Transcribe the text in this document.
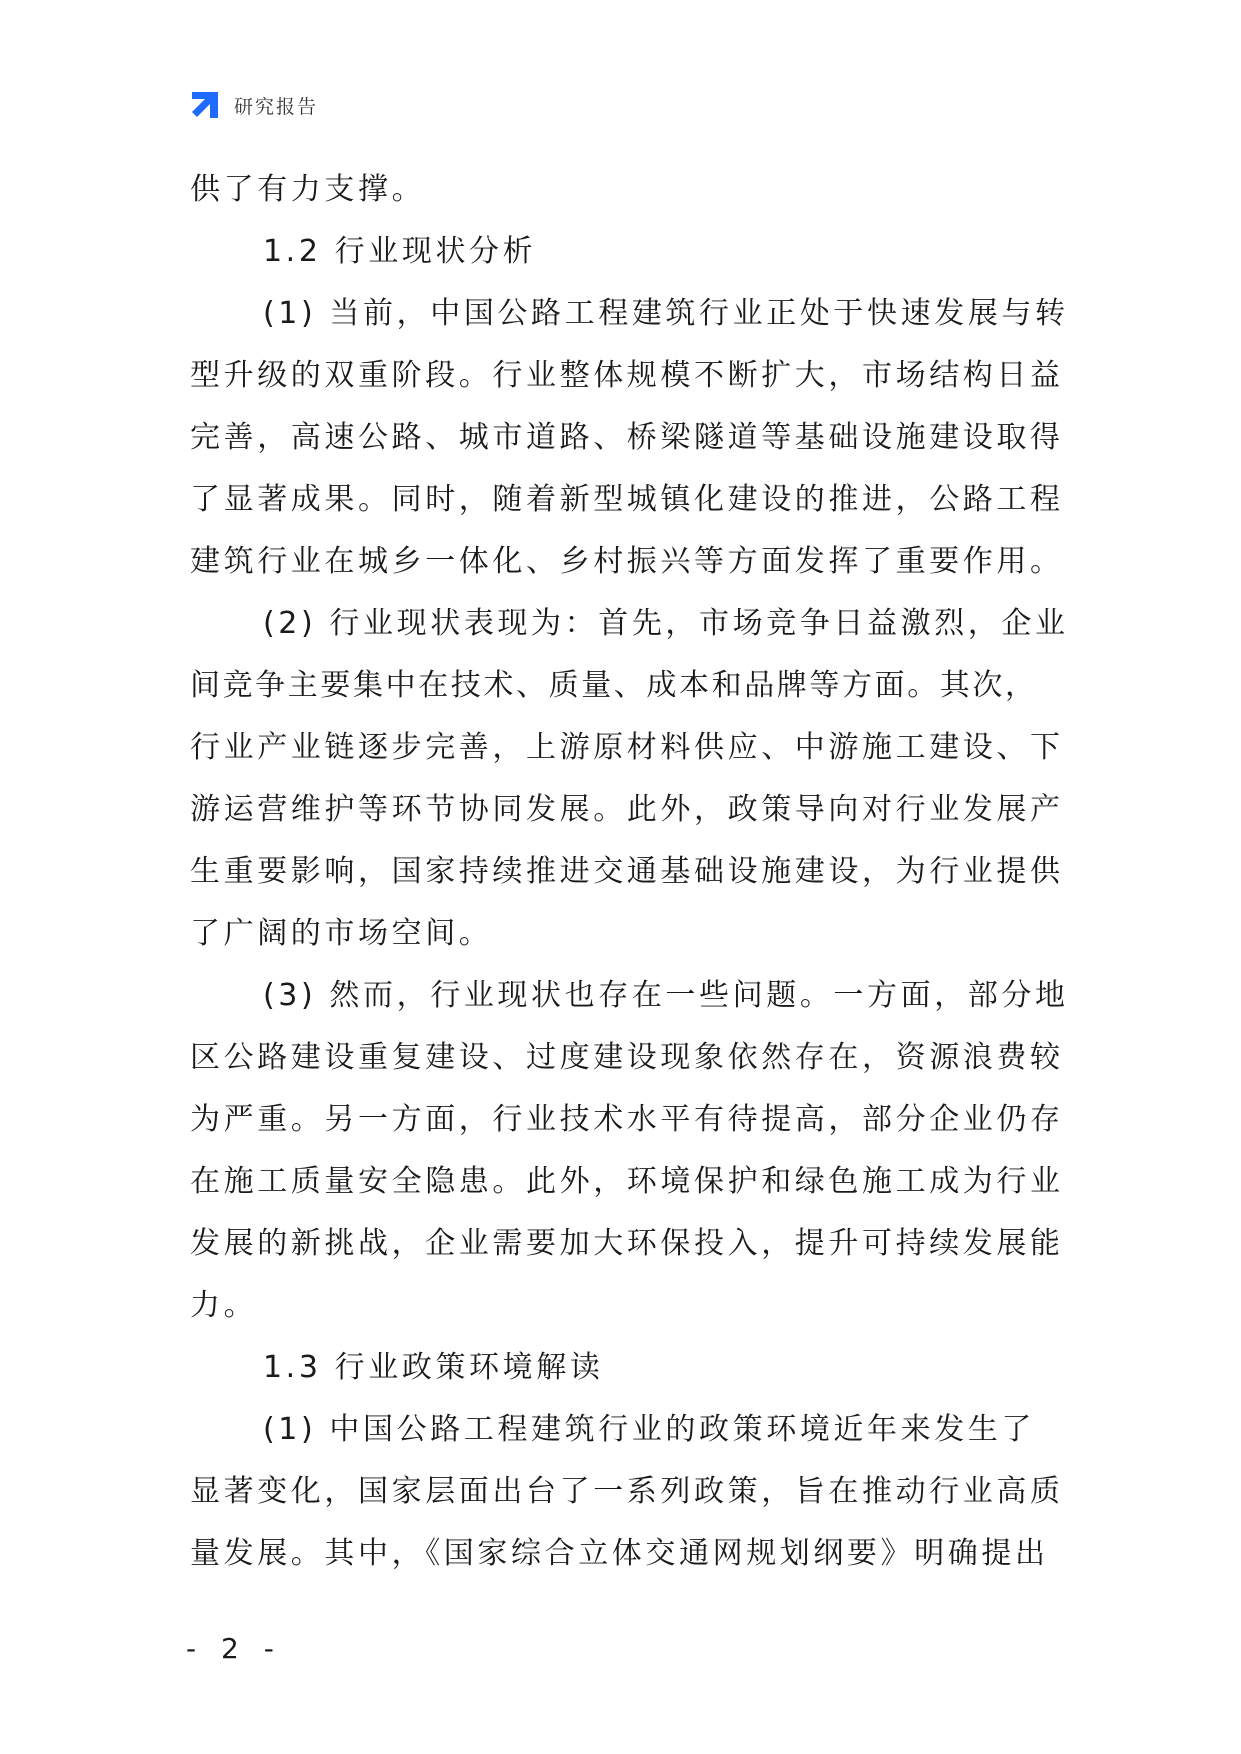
研究报告
供了有力支撑。
1.2 行业现状分析
(1) 当前，中国公路工程建筑行业正处于快速发展与转
型升级的双重阶段。行业整体规模不断扩大，市场结构日益
完善，高速公路、城市道路、桥梁隧道等基础设施建设取得
了显著成果。同时，随着新型城镇化建设的推进，公路工程
建筑行业在城乡一体化、乡村振兴等方面发挥了重要作用。
(2) 行业现状表现为：首先，市场竞争日益激烈，企业
间竞争主要集中在技术、质量、成本和品牌等方面。其次，
行业产业链逐步完善，上游原材料供应、中游施工建设、下
游运营维护等环节协同发展。此外，政策导向对行业发展产
生重要影响，国家持续推进交通基础设施建设，为行业提供
了广阔的市场空间。
(3) 然而，行业现状也存在一些问题。一方面，部分地
区公路建设重复建设、过度建设现象依然存在，资源浪费较
为严重。另一方面，行业技术水平有待提高，部分企业仍存
在施工质量安全隐患。此外，环境保护和绿色施工成为行业
发展的新挑战，企业需要加大环保投入，提升可持续发展能
力。
1.3 行业政策环境解读
(1) 中国公路工程建筑行业的政策环境近年来发生了
显著变化，国家层面出台了一系列政策，旨在推动行业高质
量发展。其中，《国家综合立体交通网规划纲要》明确提出
- 2 -
